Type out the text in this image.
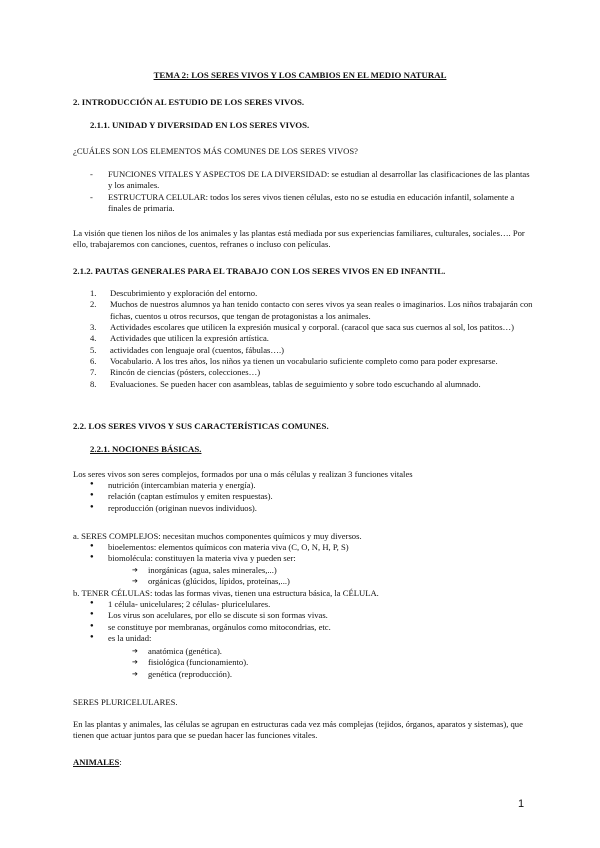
TEMA 2: LOS SERES VIVOS Y LOS CAMBIOS EN EL MEDIO NATURAL
2. INTRODUCCIÓN AL ESTUDIO DE LOS SERES VIVOS.
2.1.1. UNIDAD Y DIVERSIDAD EN LOS SERES VIVOS.
¿CUÁLES SON LOS ELEMENTOS MÁS COMUNES DE LOS SERES VIVOS?
- FUNCIONES VITALES Y ASPECTOS DE LA DIVERSIDAD: se estudian al desarrollar las clasificaciones de las plantas y los animales.
- ESTRUCTURA CELULAR: todos los seres vivos tienen células, esto no se estudia en educación infantil, solamente a finales de primaria.
La visión que tienen los niños de los animales y las plantas está mediada por sus experiencias familiares, culturales, sociales…. Por ello, trabajaremos con canciones, cuentos, refranes o incluso con películas.
2.1.2. PAUTAS GENERALES PARA EL TRABAJO CON LOS SERES VIVOS EN ED INFANTIL.
1. Descubrimiento y exploración del entorno.
2. Muchos de nuestros alumnos ya han tenido contacto con seres vivos ya sean reales o imaginarios. Los niños trabajarán con fichas, cuentos u otros recursos, que tengan de protagonistas a los animales.
3. Actividades escolares que utilicen la expresión musical y corporal. (caracol que saca sus cuernos al sol, los patitos…)
4. Actividades que utilicen la expresión artística.
5. actividades con lenguaje oral (cuentos, fábulas….)
6. Vocabulario. A los tres años, los niños ya tienen un vocabulario suficiente completo como para poder expresarse.
7. Rincón de ciencias (pósters, colecciones…)
8. Evaluaciones. Se pueden hacer con asambleas, tablas de seguimiento y sobre todo escuchando al alumnado.
2.2. LOS SERES VIVOS Y SUS CARACTERÍSTICAS COMUNES.
2.2.1. NOCIONES BÁSICAS.
Los seres vivos son seres complejos, formados por una o más células y realizan 3 funciones vitales
● nutrición (intercambian materia y energía).
● relación (captan estímulos y emiten respuestas).
● reproducción (originan nuevos individuos).
a. SERES COMPLEJOS: necesitan muchos componentes químicos y muy diversos.
● bioelementos: elementos químicos con materia viva (C, O, N, H, P, S)
● biomolécula: constituyen la materia viva y pueden ser:
➔ inorgánicas (agua, sales minerales,...)
➔ orgánicas (glúcidos, lípidos, proteínas,...)
b. TENER CÉLULAS: todas las formas vivas, tienen una estructura básica, la CÉLULA.
● 1 célula- unicelulares; 2 células- pluricelulares.
● Los virus son acelulares, por ello se discute si son formas vivas.
● se constituye por membranas, orgánulos como mitocondrias, etc.
● es la unidad:
➔ anatómica (genética).
➔ fisiológica (funcionamiento).
➔ genética (reproducción).
SERES PLURICELULARES.
En las plantas y animales, las células se agrupan en estructuras cada vez más complejas (tejidos, órganos, aparatos y sistemas), que tienen que actuar juntos para que se puedan hacer las funciones vitales.
ANIMALES:
1
